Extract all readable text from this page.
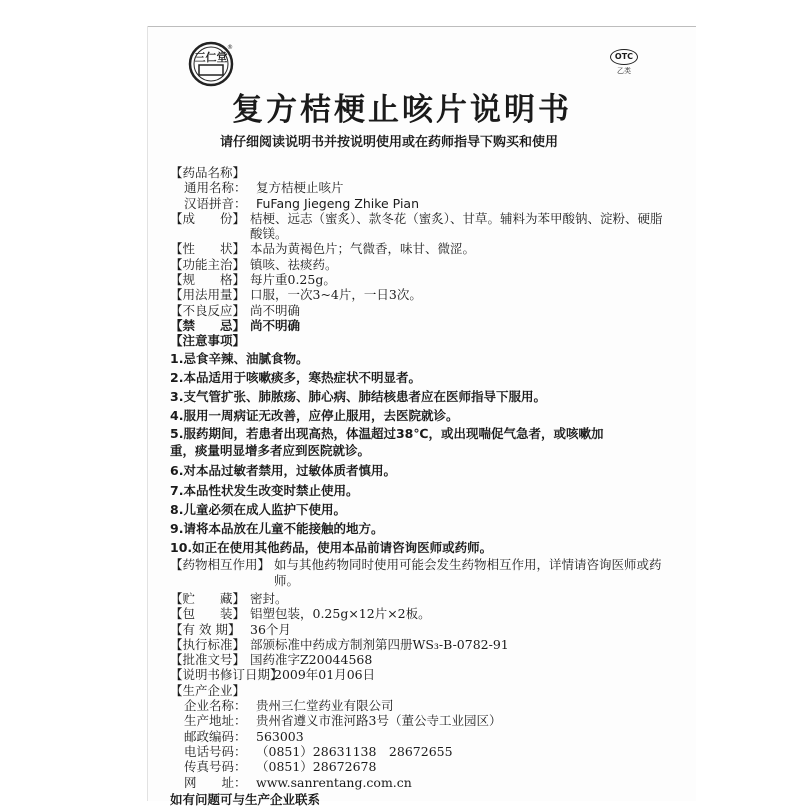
三仁堂
®
OTC
乙类
复方桔梗止咳片说明书
请仔细阅读说明书并按说明使用或在药师指导下购买和使用
【药品名称】
通用名称： 复方桔梗止咳片
汉语拼音： FuFang Jiegeng Zhike Pian
【成　　份】 桔梗、远志（蜜炙）、款冬花（蜜炙）、甘草。辅料为苯甲酸钠、淀粉、硬脂酸镁。
【性　　状】 本品为黄褐色片；气微香，味甘、微涩。
【功能主治】 镇咳、祛痰药。
【规　　格】 每片重0.25g。
【用法用量】 口服，一次3~4片，一日3次。
【不良反应】 尚不明确
【禁　　忌】 尚不明确
【注意事项】
1.忌食辛辣、油腻食物。
2.本品适用于咳嗽痰多，寒热症状不明显者。
3.支气管扩张、肺脓疡、肺心病、肺结核患者应在医师指导下服用。
4.服用一周病证无改善，应停止服用，去医院就诊。
5.服药期间，若患者出现高热，体温超过38℃，或出现喘促气急者，或咳嗽加重，痰量明显增多者应到医院就诊。
6.对本品过敏者禁用，过敏体质者慎用。
7.本品性状发生改变时禁止使用。
8.儿童必须在成人监护下使用。
9.请将本品放在儿童不能接触的地方。
10.如正在使用其他药品，使用本品前请咨询医师或药师。
【药物相互作用】 如与其他药物同时使用可能会发生药物相互作用，详情请咨询医师或药师。
【贮　　藏】 密封。
【包　　装】 铝塑包装，0.25g×12片×2板。
【有 效 期】 36个月
【执行标准】 部颁标准中药成方制剂第四册WS₃-B-0782-91
【批准文号】 国药准字Z20044568
【说明书修订日期】
2009年01月06日
【生产企业】
企业名称： 贵州三仁堂药业有限公司
生产地址： 贵州省遵义市淮河路3号（董公寺工业园区）
邮政编码： 563003
电话号码： （0851）28631138　28672655
传真号码： （0851）28672678
网　　址： www.sanrentang.com.cn
如有问题可与生产企业联系
